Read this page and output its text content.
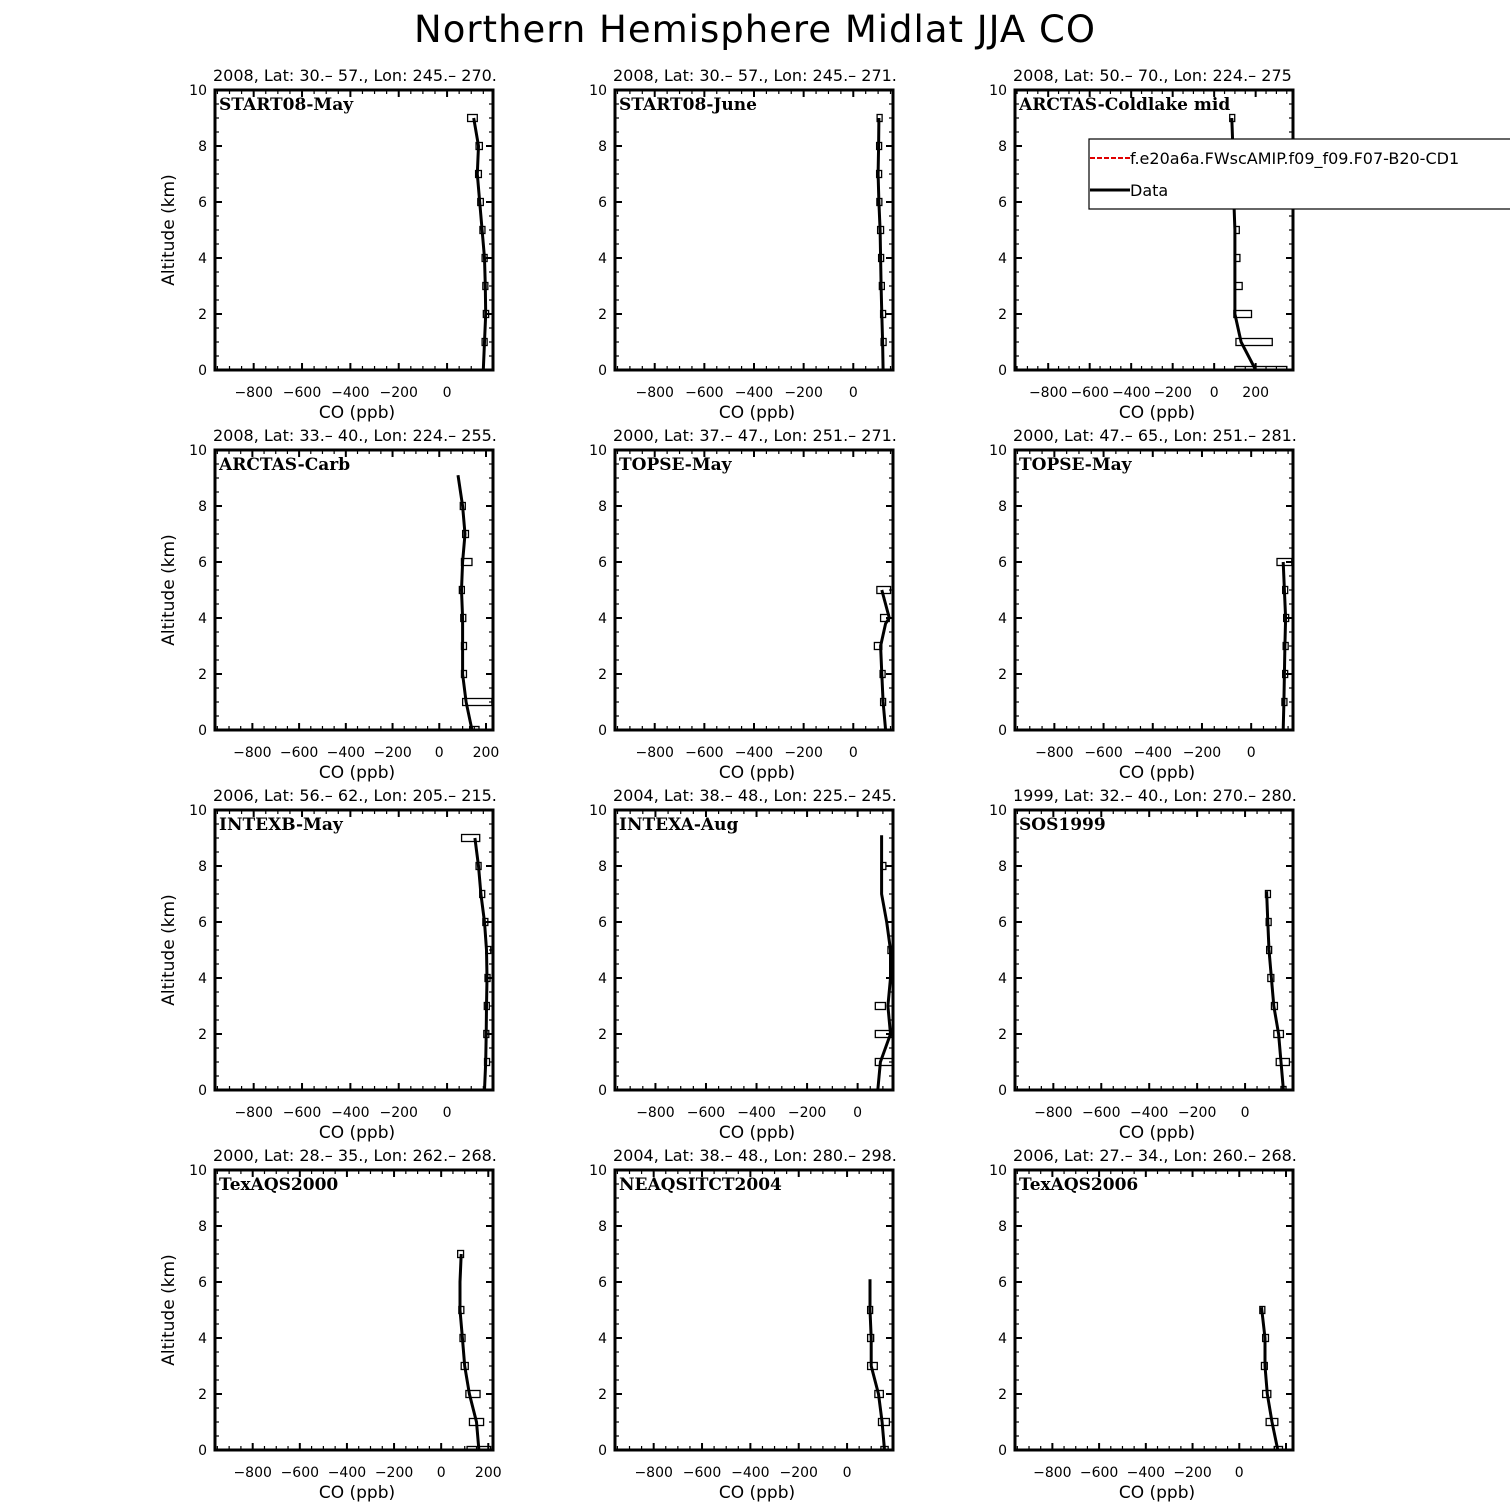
Northern Hemisphere Midlat JJA CO
2008, Lat: 30.– 57., Lon: 245.– 270.
0
2
4
6
8
10
−800 −600 −400 −200 0
CO (ppb)
Altitude (km)
START08-May
2008, Lat: 30.– 57., Lon: 245.– 271.
0
2
4
6
8
10
−800 −600 −400 −200 0
CO (ppb)
START08-June
2008, Lat: 50.– 70., Lon: 224.– 275
0
2
4
6
8
10
−800 −600 −400 −200 0 200
CO (ppb)
ARCTAS-Coldlake mid
2008, Lat: 33.– 40., Lon: 224.– 255.
0
2
4
6
8
10
−800 −600 −400 −200 0 200
CO (ppb)
Altitude (km)
ARCTAS-Carb
2000, Lat: 37.– 47., Lon: 251.– 271.
0
2
4
6
8
10
−800 −600 −400 −200 0
CO (ppb)
TOPSE-May
2000, Lat: 47.– 65., Lon: 251.– 281.
0
2
4
6
8
10
−800 −600 −400 −200 0
CO (ppb)
TOPSE-May
2006, Lat: 56.– 62., Lon: 205.– 215.
0
2
4
6
8
10
−800 −600 −400 −200 0
CO (ppb)
Altitude (km)
INTEXB-May
2004, Lat: 38.– 48., Lon: 225.– 245.
0
2
4
6
8
10
−800 −600 −400 −200 0
CO (ppb)
INTEXA-Aug
1999, Lat: 32.– 40., Lon: 270.– 280.
0
2
4
6
8
10
−800 −600 −400 −200 0
CO (ppb)
SOS1999
2000, Lat: 28.– 35., Lon: 262.– 268.
0
2
4
6
8
10
−800 −600 −400 −200 0 200
CO (ppb)
Altitude (km)
TexAQS2000
2004, Lat: 38.– 48., Lon: 280.– 298.
0
2
4
6
8
10
−800 −600 −400 −200 0
CO (ppb)
NEAQSITCT2004
2006, Lat: 27.– 34., Lon: 260.– 268.
0
2
4
6
8
10
−800 −600 −400 −200 0
CO (ppb)
TexAQS2006
f.e20a6a.FWscAMIP.f09_f09.F07-B20-CD1
Data
